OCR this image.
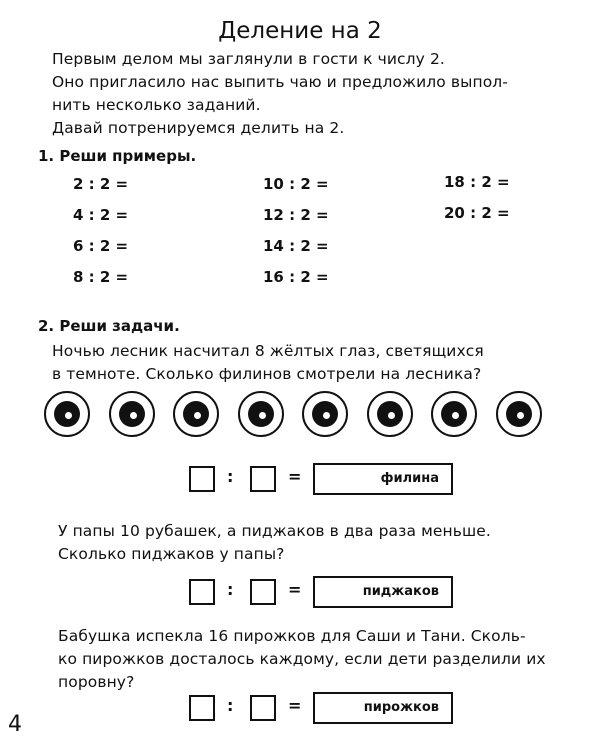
Деление на 2
Первым делом мы заглянули в гости к числу 2.
Оно пригласило нас выпить чаю и предложило выпол-
нить несколько заданий.
Давай потренируемся делить на 2.
1. Реши примеры.
2 : 2 =
4 : 2 =
6 : 2 =
8 : 2 =
10 : 2 =
12 : 2 =
14 : 2 =
16 : 2 =
18 : 2 =
20 : 2 =
2. Реши задачи.
Ночью лесник насчитал 8 жёлтых глаз, светящихся
в темноте. Сколько филинов смотрели на лесника?
:	=	филина
У папы 10 рубашек, а пиджаков в два раза меньше.
Сколько пиджаков у папы?
:	=	пиджаков
Бабушка испекла 16 пирожков для Саши и Тани. Сколь-
ко пирожков досталось каждому, если дети разделили их
поровну?
:	=	пирожков
4
